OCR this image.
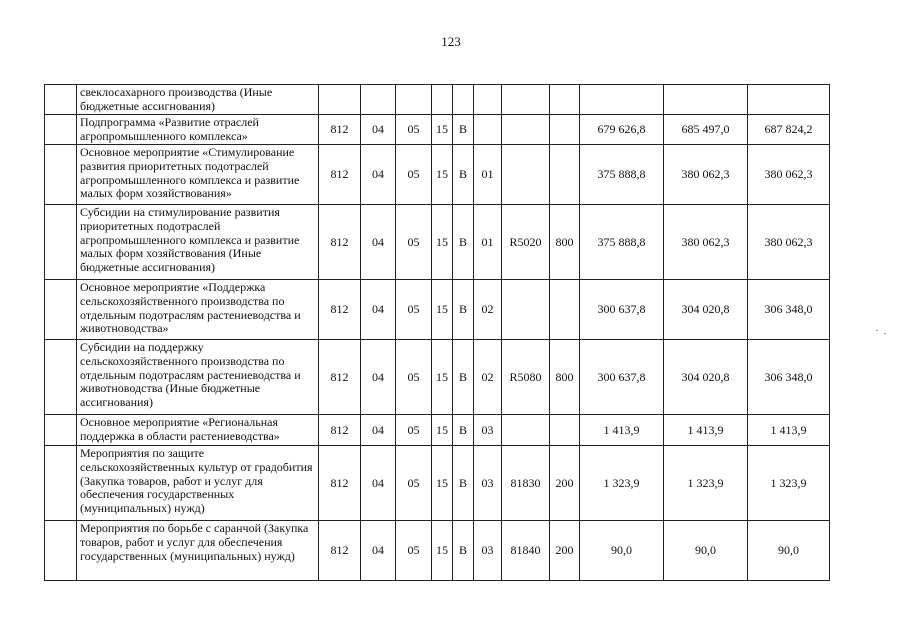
123
	свеклосахарного производства (Иные бюджетные ассигнования)											
	Подпрограмма «Развитие отраслей агропромышленного комплекса»	812	04	05	15	В				679 626,8	685 497,0	687 824,2
	Основное мероприятие «Стимулирование развития приоритетных подотраслей агропромышленного комплекса и развитие малых форм хозяйствования»	812	04	05	15	В	01			375 888,8	380 062,3	380 062,3
	Субсидии на стимулирование развития приоритетных подотраслей агропромышленного комплекса и развитие малых форм хозяйствования (Иные бюджетные ассигнования)	812	04	05	15	В	01	R5020	800	375 888,8	380 062,3	380 062,3
	Основное мероприятие «Поддержка сельскохозяйственного производства по отдельным подотраслям растениеводства и животноводства»	812	04	05	15	В	02			300 637,8	304 020,8	306 348,0
	Субсидии на поддержку сельскохозяйственного производства по отдельным подотраслям растениеводства и животноводства (Иные бюджетные ассигнования)	812	04	05	15	В	02	R5080	800	300 637,8	304 020,8	306 348,0
	Основное мероприятие «Региональная поддержка в области растениеводства»	812	04	05	15	В	03			1 413,9	1 413,9	1 413,9
	Мероприятия по защите сельскохозяйственных культур от градобития (Закупка товаров, работ и услуг для обеспечения государственных (муниципальных) нужд)	812	04	05	15	В	03	81830	200	1 323,9	1 323,9	1 323,9
	Мероприятия по борьбе с саранчой (Закупка товаров, работ и услуг для обеспечения государственных (муниципальных) нужд)	812	04	05	15	В	03	81840	200	90,0	90,0	90,0
